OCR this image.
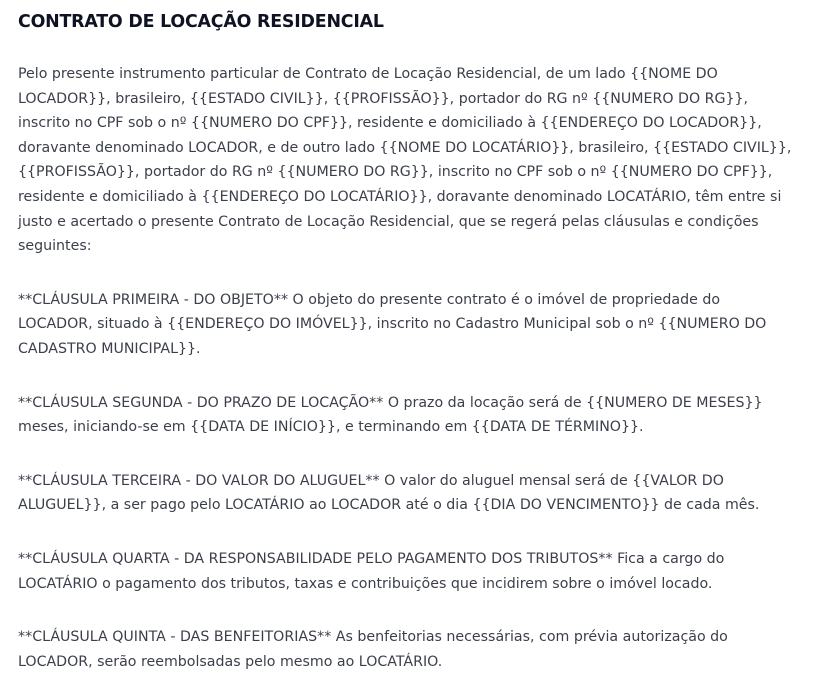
CONTRATO DE LOCAÇÃO RESIDENCIAL

Pelo presente instrumento particular de Contrato de Locação Residencial, de um lado {{NOME DO LOCADOR}}, brasileiro, {{ESTADO CIVIL}}, {{PROFISSÃO}}, portador do RG nº {{NUMERO DO RG}}, inscrito no CPF sob o nº {{NUMERO DO CPF}}, residente e domiciliado à {{ENDEREÇO DO LOCADOR}}, doravante denominado LOCADOR, e de outro lado {{NOME DO LOCATÁRIO}}, brasileiro, {{ESTADO CIVIL}}, {{PROFISSÃO}}, portador do RG nº {{NUMERO DO RG}}, inscrito no CPF sob o nº {{NUMERO DO CPF}}, residente e domiciliado à {{ENDEREÇO DO LOCATÁRIO}}, doravante denominado LOCATÁRIO, têm entre si justo e acertado o presente Contrato de Locação Residencial, que se regerá pelas cláusulas e condições seguintes:

**CLÁUSULA PRIMEIRA - DO OBJETO** O objeto do presente contrato é o imóvel de propriedade do LOCADOR, situado à {{ENDEREÇO DO IMÓVEL}}, inscrito no Cadastro Municipal sob o nº {{NUMERO DO CADASTRO MUNICIPAL}}.

**CLÁUSULA SEGUNDA - DO PRAZO DE LOCAÇÃO** O prazo da locação será de {{NUMERO DE MESES}} meses, iniciando-se em {{DATA DE INÍCIO}}, e terminando em {{DATA DE TÉRMINO}}.

**CLÁUSULA TERCEIRA - DO VALOR DO ALUGUEL** O valor do aluguel mensal será de {{VALOR DO ALUGUEL}}, a ser pago pelo LOCATÁRIO ao LOCADOR até o dia {{DIA DO VENCIMENTO}} de cada mês.

**CLÁUSULA QUARTA - DA RESPONSABILIDADE PELO PAGAMENTO DOS TRIBUTOS** Fica a cargo do LOCATÁRIO o pagamento dos tributos, taxas e contribuições que incidirem sobre o imóvel locado.

**CLÁUSULA QUINTA - DAS BENFEITORIAS** As benfeitorias necessárias, com prévia autorização do LOCADOR, serão reembolsadas pelo mesmo ao LOCATÁRIO.
